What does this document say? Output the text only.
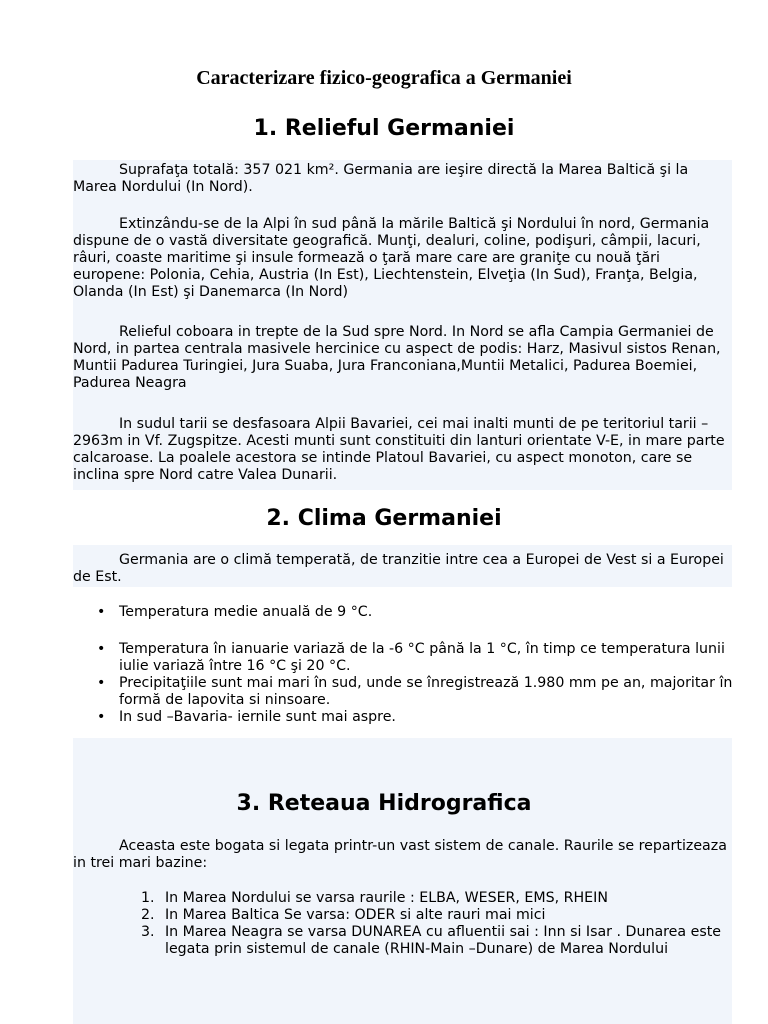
Caracterizare fizico-geografica a Germaniei
1. Relieful Germaniei

Suprafaţa totală: 357 021 km². Germania are ieşire directă la Marea Baltică şi la Marea Nordului (In Nord).

Extinzându-se de la Alpi în sud până la mările Baltică şi Nordului în nord, Germania dispune de o vastă diversitate geografică. Munţi, dealuri, coline, podişuri, câmpii, lacuri, râuri, coaste maritime şi insule formează o ţară mare care are graniţe cu nouă ţări europene: Polonia, Cehia, Austria (In Est), Liechtenstein, Elveţia (In Sud), Franţa, Belgia, Olanda (In Est) şi Danemarca (In Nord)

Relieful coboara in trepte de la Sud spre Nord. In Nord se afla Campia Germaniei de Nord, in partea centrala masivele hercinice cu aspect de podis: Harz, Masivul sistos Renan, Muntii Padurea Turingiei, Jura Suaba, Jura Franconiana,Muntii Metalici, Padurea Boemiei, Padurea Neagra

In sudul tarii se desfasoara Alpii Bavariei, cei mai inalti munti de pe teritoriul tarii –2963m in Vf. Zugspitze. Acesti munti sunt constituiti din lanturi orientate V-E, in mare parte calcaroase. La poalele acestora se intinde Platoul Bavariei, cu aspect monoton, care se inclina spre Nord catre Valea Dunarii.

2. Clima Germaniei

Germania are o climă temperată, de tranzitie intre cea a Europei de Vest si a Europei de Est.

• Temperatura medie anuală de 9 °C.
• Temperatura în ianuarie variază de la -6 °C până la 1 °C, în timp ce temperatura lunii iulie variază între 16 °C şi 20 °C.
• Precipitaţiile sunt mai mari în sud, unde se înregistrează 1.980 mm pe an, majoritar în formă de lapovita si ninsoare.
• In sud –Bavaria- iernile sunt mai aspre.
3. Reteaua Hidrografica

Aceasta este bogata si legata printr-un vast sistem de canale. Raurile se repartizeaza in trei mari bazine:

1. In Marea Nordului se varsa raurile : ELBA, WESER, EMS, RHEIN
2. In Marea Baltica Se varsa: ODER si alte rauri mai mici
3. In Marea Neagra se varsa DUNAREA cu afluentii sai : Inn si Isar . Dunarea este legata prin sistemul de canale (RHIN-Main –Dunare) de Marea Nordului
